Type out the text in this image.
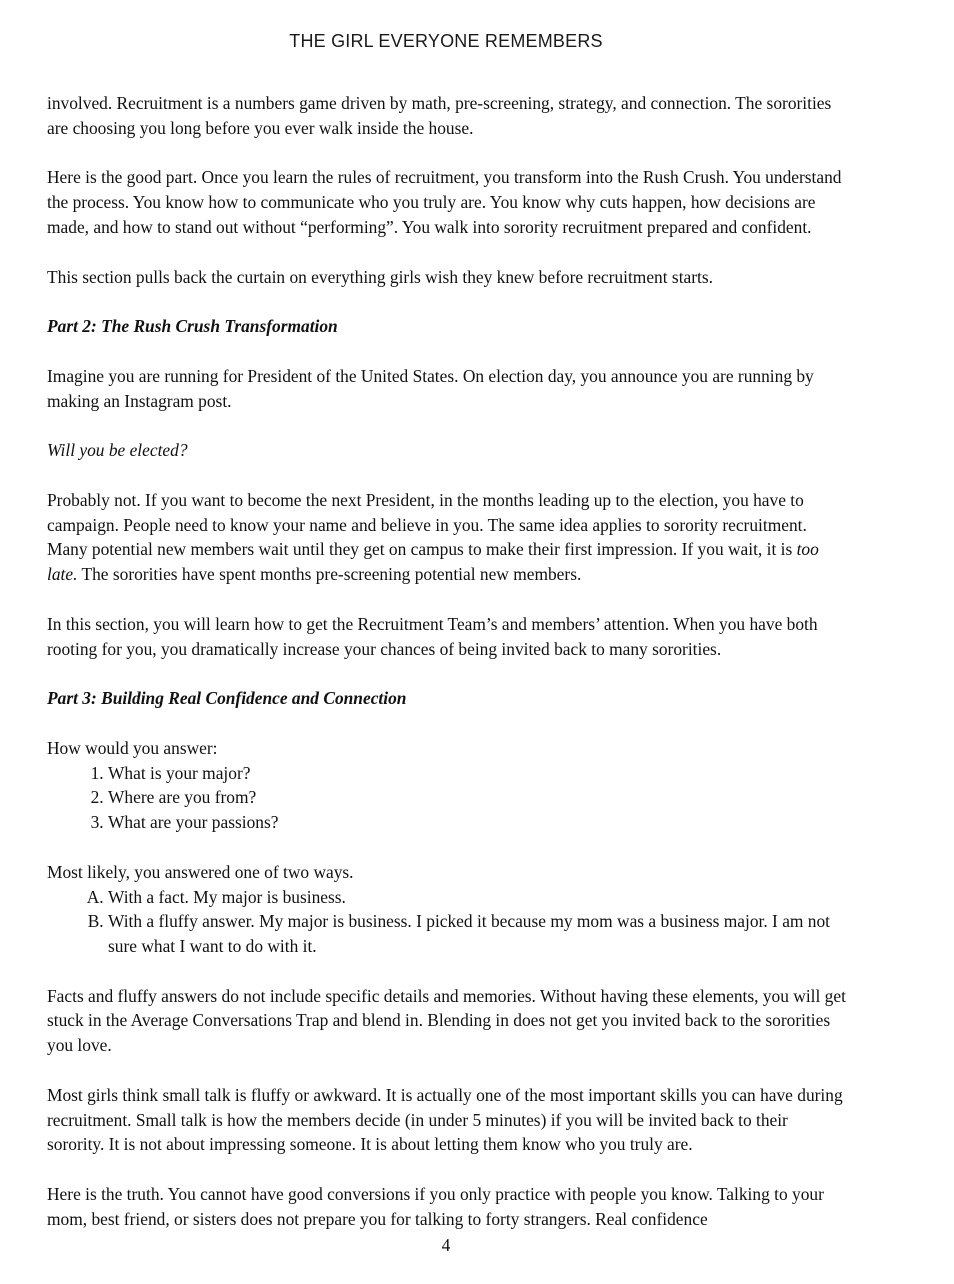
THE GIRL EVERYONE REMEMBERS

involved. Recruitment is a numbers game driven by math, pre-screening, strategy, and connection. The sororities are choosing you long before you ever walk inside the house.

Here is the good part. Once you learn the rules of recruitment, you transform into the Rush Crush. You understand the process. You know how to communicate who you truly are. You know why cuts happen, how decisions are made, and how to stand out without “performing”. You walk into sorority recruitment prepared and confident.

This section pulls back the curtain on everything girls wish they knew before recruitment starts.

Part 2: The Rush Crush Transformation

Imagine you are running for President of the United States. On election day, you announce you are running by making an Instagram post.

Will you be elected?

Probably not. If you want to become the next President, in the months leading up to the election, you have to campaign. People need to know your name and believe in you. The same idea applies to sorority recruitment. Many potential new members wait until they get on campus to make their first impression. If you wait, it is too late. The sororities have spent months pre-screening potential new members.

In this section, you will learn how to get the Recruitment Team’s and members’ attention. When you have both rooting for you, you dramatically increase your chances of being invited back to many sororities.

Part 3: Building Real Confidence and Connection

How would you answer:

1. What is your major?
2. Where are you from?
3. What are your passions?

Most likely, you answered one of two ways.

A. With a fact. My major is business.
B. With a fluffy answer. My major is business. I picked it because my mom was a business major. I am not sure what I want to do with it.

Facts and fluffy answers do not include specific details and memories. Without having these elements, you will get stuck in the Average Conversations Trap and blend in. Blending in does not get you invited back to the sororities you love.

Most girls think small talk is fluffy or awkward. It is actually one of the most important skills you can have during recruitment. Small talk is how the members decide (in under 5 minutes) if you will be invited back to their sorority. It is not about impressing someone. It is about letting them know who you truly are.

Here is the truth. You cannot have good conversions if you only practice with people you know. Talking to your mom, best friend, or sisters does not prepare you for talking to forty strangers. Real confidence

4
